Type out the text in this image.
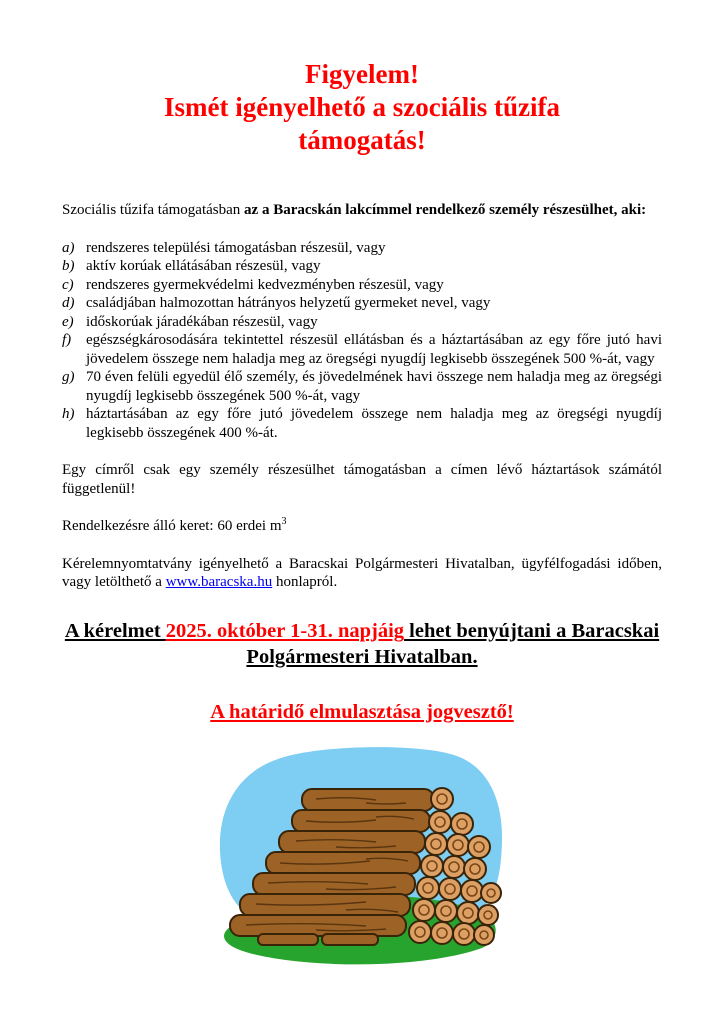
Figyelem!
Ismét igényelhető a szociális tűzifa
támogatás!

Szociális tűzifa támogatásban az a Baracskán lakcímmel rendelkező személy részesülhet, aki:

a) rendszeres települési támogatásban részesül, vagy
b) aktív korúak ellátásában részesül, vagy
c) rendszeres gyermekvédelmi kedvezményben részesül, vagy
d) családjában halmozottan hátrányos helyzetű gyermeket nevel, vagy
e) időskorúak járadékában részesül, vagy
f) egészségkárosodására tekintettel részesül ellátásban és a háztartásában az egy főre jutó havi jövedelem összege nem haladja meg az öregségi nyugdíj legkisebb összegének 500 %-át, vagy
g) 70 éven felüli egyedül élő személy, és jövedelmének havi összege nem haladja meg az öregségi nyugdíj legkisebb összegének 500 %-át, vagy
h) háztartásában az egy főre jutó jövedelem összege nem haladja meg az öregségi nyugdíj legkisebb összegének 400 %-át.

Egy címről csak egy személy részesülhet támogatásban a címen lévő háztartások számától függetlenül!

Rendelkezésre álló keret: 60 erdei $m^3$

Kérelemnyomtatvány igényelhető a Baracskai Polgármesteri Hivatalban, ügyfélfogadási időben, vagy letölthető a www.baracska.hu honlapról.

A kérelmet 2025. október 1-31. napjáig lehet benyújtani a Baracskai Polgármesteri Hivatalban.
A határidő elmulasztása jogvesztő!
